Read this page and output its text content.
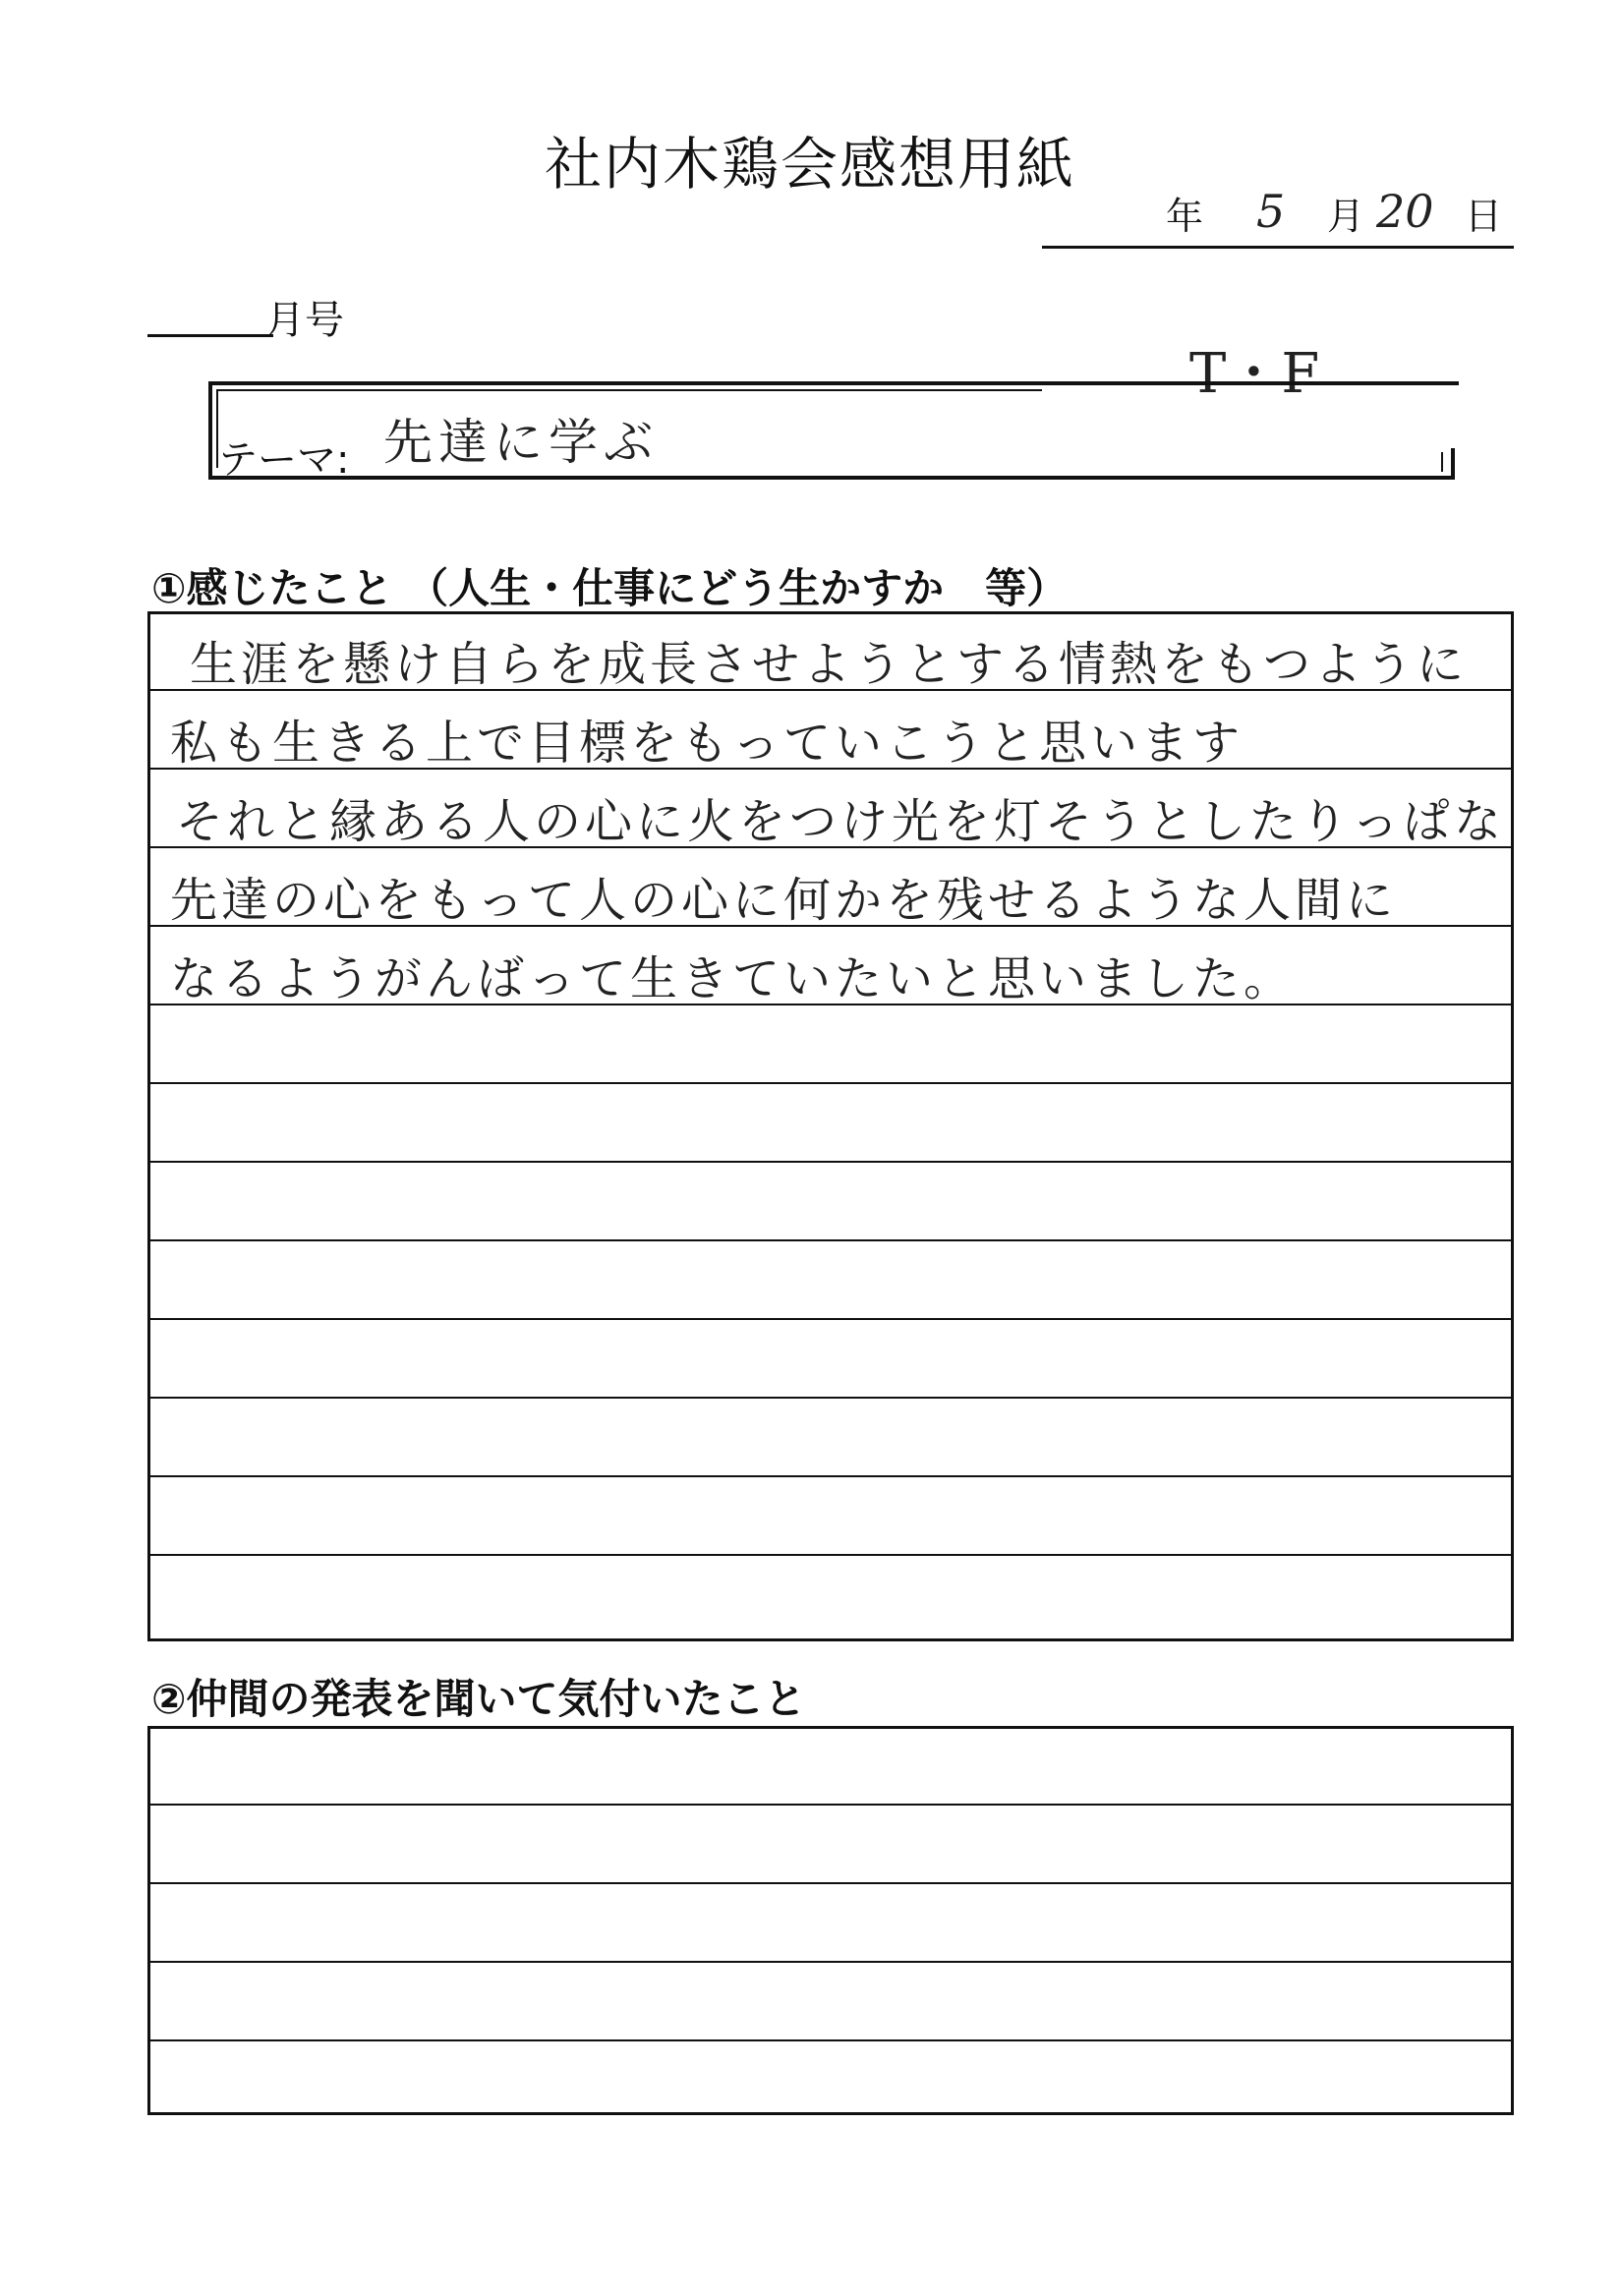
社内木鶏会感想用紙
年 5 月 20 日
月号
T・F
テーマ: 先達に学ぶ
①感じたこと （人生・仕事にどう生かすか　等）
生涯を懸け自らを成長させようとする情熱をもつように
私も生きる上で目標をもっていこうと思います
それと縁ある人の心に火をつけ光を灯そうとしたりっぱな
先達の心をもって人の心に何かを残せるような人間に
なるようがんばって生きていたいと思いました。
②仲間の発表を聞いて気付いたこと
